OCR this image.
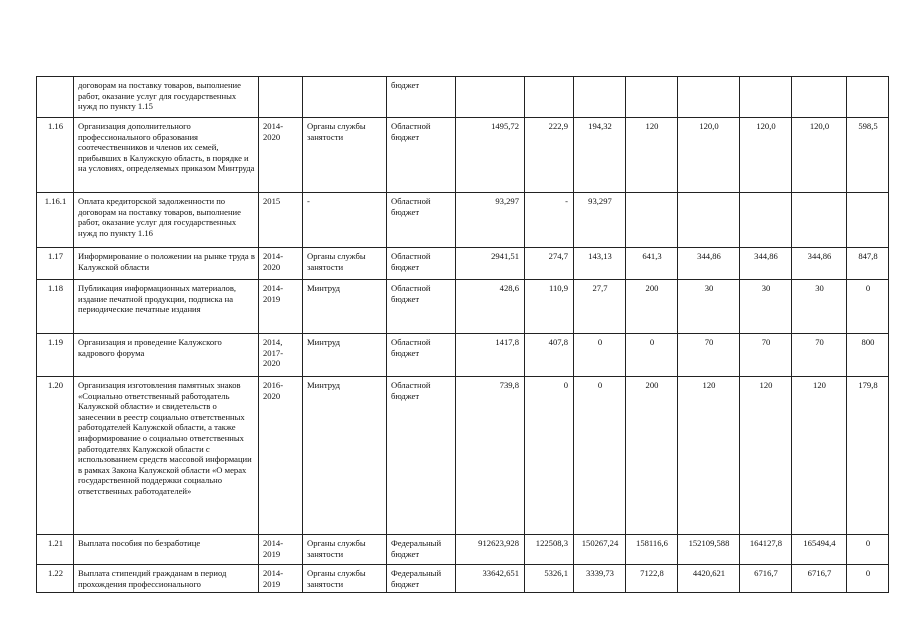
	договорам на поставку товаров, выполнение работ, оказание услуг для государственных нужд по пункту 1.15			бюджет								
1.16	Организация дополнительного профессионального образования соотечественников и членов их семей, прибывших в Калужскую область, в порядке и на условиях, определяемых приказом Минтруда	2014-2020	Органы службы занятости	Областной бюджет	1495,72	222,9	194,32	120	120,0	120,0	120,0	598,5
1.16.1	Оплата кредиторской задолженности по договорам на поставку товаров, выполнение работ, оказание услуг для государственных нужд по пункту 1.16	2015	-	Областной бюджет	93,297	-	93,297					
1.17	Информирование о положении на рынке труда в Калужской области	2014-2020	Органы службы занятости	Областной бюджет	2941,51	274,7	143,13	641,3	344,86	344,86	344,86	847,8
1.18	Публикация информационных материалов, издание печатной продукции, подписка на периодические печатные издания	2014-2019	Минтруд	Областной бюджет	428,6	110,9	27,7	200	30	30	30	0
1.19	Организация и проведение Калужского кадрового форума	2014, 2017-2020	Минтруд	Областной бюджет	1417,8	407,8	0	0	70	70	70	800
1.20	Организация изготовления памятных знаков «Социально ответственный работодатель Калужской области» и свидетельств о занесении в реестр социально ответственных работодателей Калужской области, а также информирование о социально ответственных работодателях Калужской области с использованием средств массовой информации в рамках Закона Калужской области «О мерах государственной поддержки социально ответственных работодателей»	2016-2020	Минтруд	Областной бюджет	739,8	0	0	200	120	120	120	179,8
1.21	Выплата пособия по безработице	2014-2019	Органы службы занятости	Федеральный бюджет	912623,928	122508,3	150267,24	158116,6	152109,588	164127,8	165494,4	0
1.22	Выплата стипендий гражданам в период прохождения профессионального	2014-2019	Органы службы занятости	Федеральный бюджет	33642,651	5326,1	3339,73	7122,8	4420,621	6716,7	6716,7	0
